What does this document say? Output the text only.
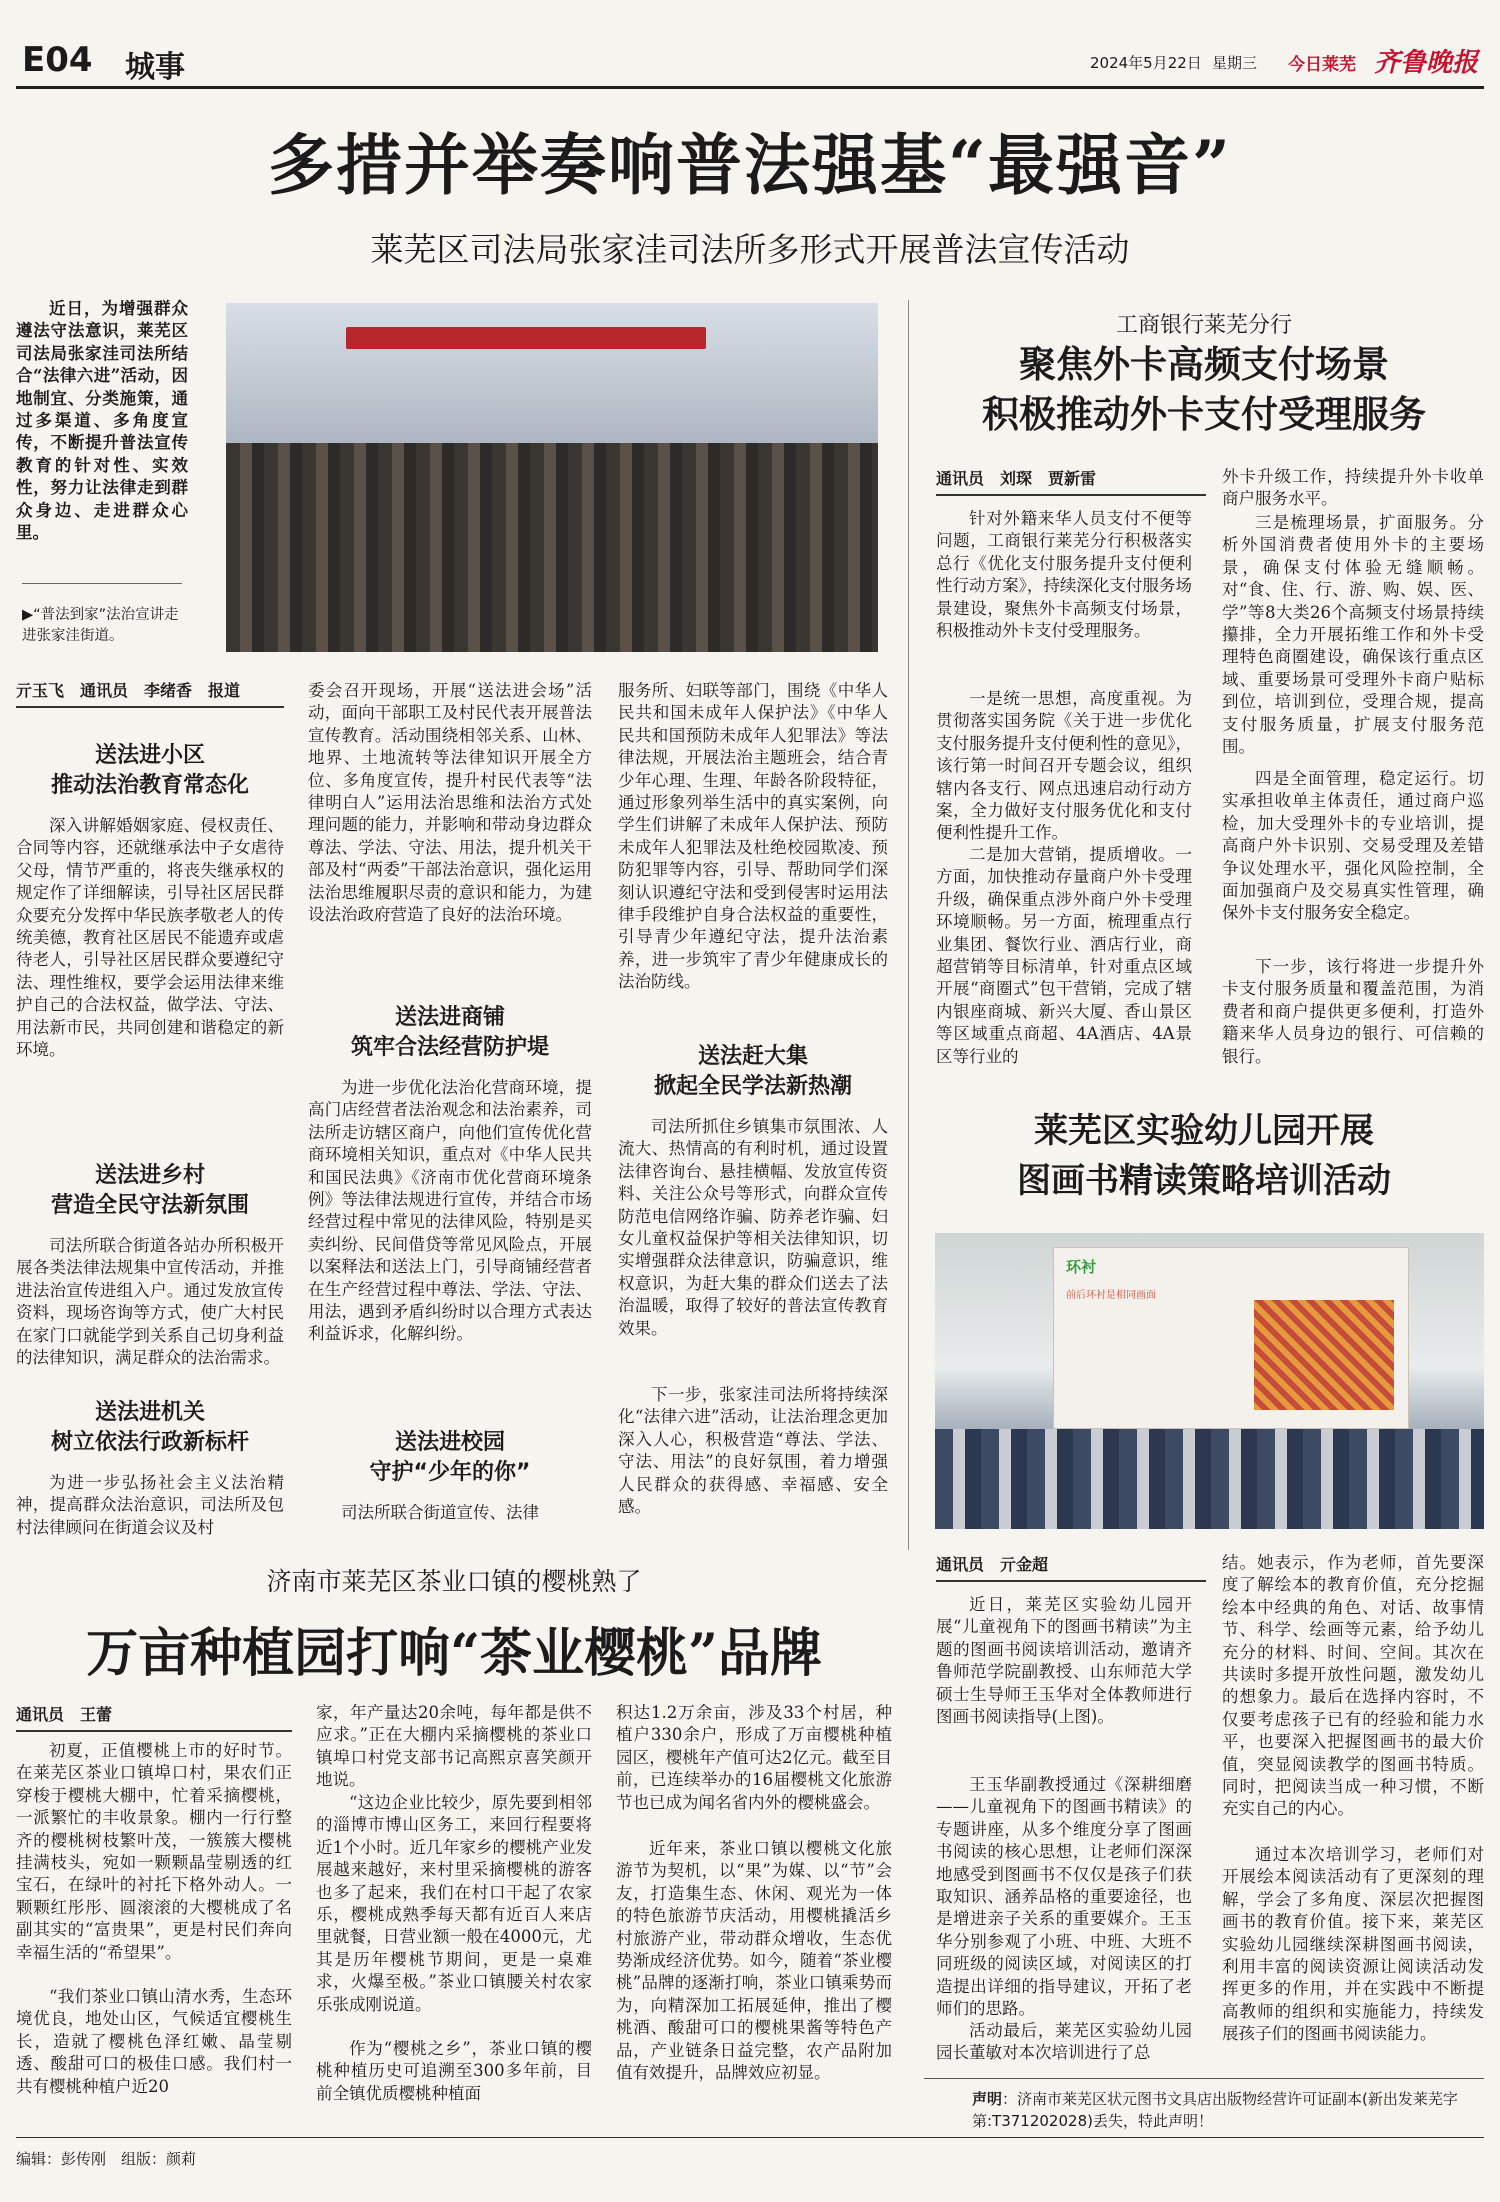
E04 城事	2024年5月22日 星期三 今日莱芜 齐鲁晚报
多措并举奏响普法强基“最强音”
莱芜区司法局张家洼司法所多形式开展普法宣传活动
近日，为增强群众遵法守法意识，莱芜区司法局张家洼司法所结合“法律六进”活动，因地制宜、分类施策，通过多渠道、多角度宣传，不断提升普法宣传教育的针对性、实效性，努力让法律走到群众身边、走进群众心里。
▶“普法到家”法治宣讲走进张家洼街道。
亓玉飞　通讯员　李绪香　报道
送法进小区
推动法治教育常态化
深入讲解婚姻家庭、侵权责任、合同等内容，还就继承法中子女虐待父母，情节严重的，将丧失继承权的规定作了详细解读，引导社区居民群众要充分发挥中华民族孝敬老人的传统美德，教育社区居民不能遗弃或虐待老人，引导社区居民群众要遵纪守法、理性维权，要学会运用法律来维护自己的合法权益，做学法、守法、用法新市民，共同创建和谐稳定的新环境。
送法进乡村
营造全民守法新氛围
司法所联合街道各站办所积极开展各类法律法规集中宣传活动，并推进法治宣传进组入户。通过发放宣传资料，现场咨询等方式，使广大村民在家门口就能学到关系自己切身利益的法律知识，满足群众的法治需求。
送法进机关
树立依法行政新标杆
为进一步弘扬社会主义法治精神，提高群众法治意识，司法所及包村法律顾问在街道会议及村
委会召开现场，开展“送法进会场”活动，面向干部职工及村民代表开展普法宣传教育。活动围绕相邻关系、山林、地界、土地流转等法律知识开展全方位、多角度宣传，提升村民代表等“法律明白人”运用法治思维和法治方式处理问题的能力，并影响和带动身边群众尊法、学法、守法、用法，提升机关干部及村“两委”干部法治意识，强化运用法治思维履职尽责的意识和能力，为建设法治政府营造了良好的法治环境。
送法进商铺
筑牢合法经营防护堤
为进一步优化法治化营商环境，提高门店经营者法治观念和法治素养，司法所走访辖区商户，向他们宣传优化营商环境相关知识，重点对《中华人民共和国民法典》《济南市优化营商环境条例》等法律法规进行宣传，并结合市场经营过程中常见的法律风险，特别是买卖纠纷、民间借贷等常见风险点，开展以案释法和送法上门，引导商铺经营者在生产经营过程中尊法、学法、守法、用法，遇到矛盾纠纷时以合理方式表达利益诉求，化解纠纷。
送法进校园
守护“少年的你”
司法所联合街道宣传、法律
服务所、妇联等部门，围绕《中华人民共和国未成年人保护法》《中华人民共和国预防未成年人犯罪法》等法律法规，开展法治主题班会，结合青少年心理、生理、年龄各阶段特征，通过形象列举生活中的真实案例，向学生们讲解了未成年人保护法、预防未成年人犯罪法及杜绝校园欺凌、预防犯罪等内容，引导、帮助同学们深刻认识遵纪守法和受到侵害时运用法律手段维护自身合法权益的重要性，引导青少年遵纪守法，提升法治素养，进一步筑牢了青少年健康成长的法治防线。
送法赶大集
掀起全民学法新热潮
司法所抓住乡镇集市氛围浓、人流大、热情高的有利时机，通过设置法律咨询台、悬挂横幅、发放宣传资料、关注公众号等形式，向群众宣传防范电信网络诈骗、防养老诈骗、妇女儿童权益保护等相关法律知识，切实增强群众法律意识，防骗意识，维权意识，为赶大集的群众们送去了法治温暖，取得了较好的普法宣传教育效果。
下一步，张家洼司法所将持续深化“法律六进”活动，让法治理念更加深入人心，积极营造“尊法、学法、守法、用法”的良好氛围，着力增强人民群众的获得感、幸福感、安全感。
工商银行莱芜分行
聚焦外卡高频支付场景
积极推动外卡支付受理服务
通讯员　刘琛　贾新雷
针对外籍来华人员支付不便等问题，工商银行莱芜分行积极落实总行《优化支付服务提升支付便利性行动方案》，持续深化支付服务场景建设，聚焦外卡高频支付场景，积极推动外卡支付受理服务。
一是统一思想，高度重视。为贯彻落实国务院《关于进一步优化支付服务提升支付便利性的意见》，该行第一时间召开专题会议，组织辖内各支行、网点迅速启动行动方案，全力做好支付服务优化和支付便利性提升工作。
二是加大营销，提质增收。一方面，加快推动存量商户外卡受理升级，确保重点涉外商户外卡受理环境顺畅。另一方面，梳理重点行业集团、餐饮行业、酒店行业，商超营销等目标清单，针对重点区域开展“商圈式”包干营销，完成了辖内银座商城、新兴大厦、香山景区等区域重点商超、4A酒店、4A景区等行业的
外卡升级工作，持续提升外卡收单商户服务水平。
三是梳理场景，扩面服务。分析外国消费者使用外卡的主要场景，确保支付体验无缝顺畅。对“食、住、行、游、购、娱、医、学”等8大类26个高频支付场景持续攥排，全力开展拓维工作和外卡受理特色商圈建设，确保该行重点区域、重要场景可受理外卡商户贴标到位，培训到位，受理合规，提高支付服务质量，扩展支付服务范围。
四是全面管理，稳定运行。切实承担收单主体责任，通过商户巡检，加大受理外卡的专业培训，提高商户外卡识别、交易受理及差错争议处理水平，强化风险控制，全面加强商户及交易真实性管理，确保外卡支付服务安全稳定。
下一步，该行将进一步提升外卡支付服务质量和覆盖范围，为消费者和商户提供更多便利，打造外籍来华人员身边的银行、可信赖的银行。
莱芜区实验幼儿园开展
图画书精读策略培训活动
环衬
前后环衬是相同画面
通讯员　亓金超
近日，莱芜区实验幼儿园开展“儿童视角下的图画书精读”为主题的图画书阅读培训活动，邀请齐鲁师范学院副教授、山东师范大学硕士生导师王玉华对全体教师进行图画书阅读指导(上图)。
王玉华副教授通过《深耕细磨——儿童视角下的图画书精读》的专题讲座，从多个维度分享了图画书阅读的核心思想，让老师们深深地感受到图画书不仅仅是孩子们获取知识、涵养品格的重要途径，也是增进亲子关系的重要媒介。王玉华分别参观了小班、中班、大班不同班级的阅读区域，对阅读区的打造提出详细的指导建议，开拓了老师们的思路。
活动最后，莱芜区实验幼儿园园长董敏对本次培训进行了总
结。她表示，作为老师，首先要深度了解绘本的教育价值，充分挖掘绘本中经典的角色、对话、故事情节、科学、绘画等元素，给予幼儿充分的材料、时间、空间。其次在共读时多提开放性问题，激发幼儿的想象力。最后在选择内容时，不仅要考虑孩子已有的经验和能力水平，也要深入把握图画书的最大价值，突显阅读教学的图画书特质。同时，把阅读当成一种习惯，不断充实自己的内心。
通过本次培训学习，老师们对开展绘本阅读活动有了更深刻的理解，学会了多角度、深层次把握图画书的教育价值。接下来，莱芜区实验幼儿园继续深耕图画书阅读，利用丰富的阅读资源让阅读活动发挥更多的作用，并在实践中不断提高教师的组织和实施能力，持续发展孩子们的图画书阅读能力。
济南市莱芜区茶业口镇的樱桃熟了
万亩种植园打响“茶业樱桃”品牌
通讯员　王蕾
初夏，正值樱桃上市的好时节。在莱芜区茶业口镇埠口村，果农们正穿梭于樱桃大棚中，忙着采摘樱桃，一派繁忙的丰收景象。棚内一行行整齐的樱桃树枝繁叶茂，一簇簇大樱桃挂满枝头，宛如一颗颗晶莹剔透的红宝石，在绿叶的衬托下格外动人。一颗颗红彤彤、圆滚滚的大樱桃成了名副其实的“富贵果”，更是村民们奔向幸福生活的“希望果”。
“我们茶业口镇山清水秀，生态环境优良，地处山区，气候适宜樱桃生长，造就了樱桃色泽红嫩、晶莹剔透、酸甜可口的极佳口感。我们村一共有樱桃种植户近20
家，年产量达20余吨，每年都是供不应求。”正在大棚内采摘樱桃的茶业口镇埠口村党支部书记高熙京喜笑颜开地说。
“这边企业比较少，原先要到相邻的淄博市博山区务工，来回行程要将近1个小时。近几年家乡的樱桃产业发展越来越好，来村里采摘樱桃的游客也多了起来，我们在村口干起了农家乐，樱桃成熟季每天都有近百人来店里就餐，日营业额一般在4000元，尤其是历年樱桃节期间，更是一桌难求，火爆至极。”茶业口镇腰关村农家乐张成刚说道。
作为“樱桃之乡”，茶业口镇的樱桃种植历史可追溯至300多年前，目前全镇优质樱桃种植面
积达1.2万余亩，涉及33个村居，种植户330余户，形成了万亩樱桃种植园区，樱桃年产值可达2亿元。截至目前，已连续举办的16届樱桃文化旅游节也已成为闻名省内外的樱桃盛会。
近年来，茶业口镇以樱桃文化旅游节为契机，以“果”为媒、以“节”会友，打造集生态、休闲、观光为一体的特色旅游节庆活动，用樱桃撬活乡村旅游产业，带动群众增收，生态优势渐成经济优势。如今，随着“茶业樱桃”品牌的逐渐打响，茶业口镇乘势而为，向精深加工拓展延伸，推出了樱桃酒、酸甜可口的樱桃果酱等特色产品，产业链条日益完整，农产品附加值有效提升，品牌效应初显。
声明：济南市莱芜区状元图书文具店出版物经营许可证副本(新出发莱芜字第:T371202028)丢失，特此声明！
编辑：彭传刚　组版：颜莉
